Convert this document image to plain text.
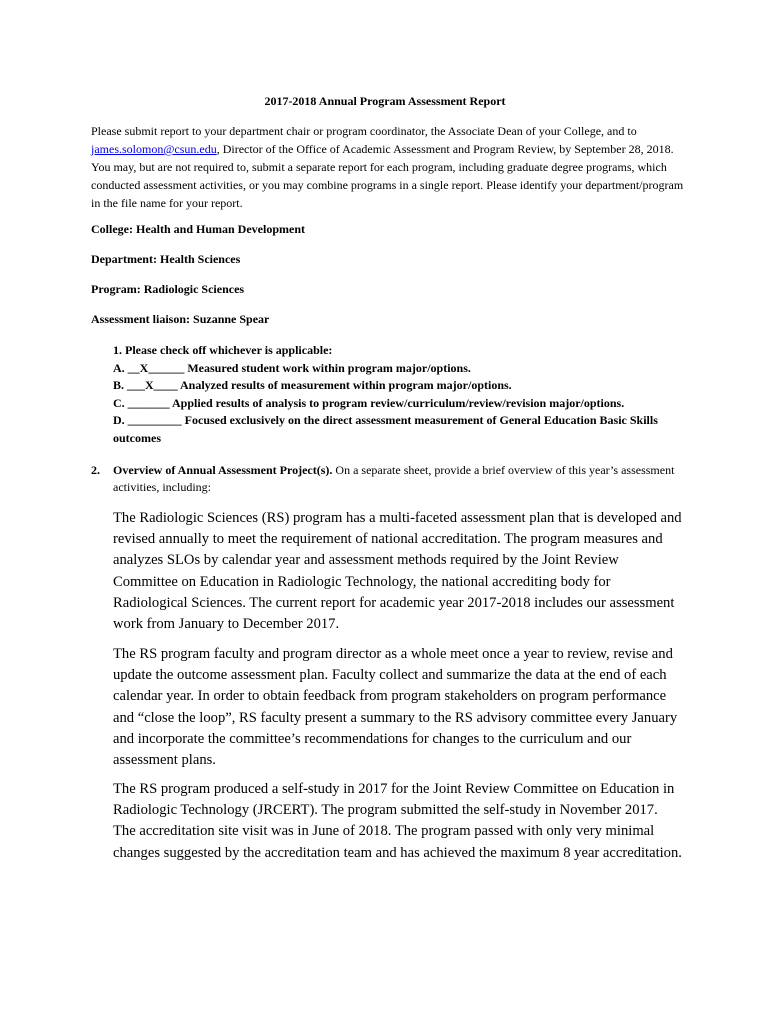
2017-2018 Annual Program Assessment Report
Please submit report to your department chair or program coordinator, the Associate Dean of your College, and to james.solomon@csun.edu, Director of the Office of Academic Assessment and Program Review, by September 28, 2018. You may, but are not required to, submit a separate report for each program, including graduate degree programs, which conducted assessment activities, or you may combine programs in a single report. Please identify your department/program in the file name for your report.
College: Health and Human Development
Department: Health Sciences
Program: Radiologic Sciences
Assessment liaison: Suzanne Spear
1. Please check off whichever is applicable:
A. __X______ Measured student work within program major/options.
B. ___X____ Analyzed results of measurement within program major/options.
C. _______ Applied results of analysis to program review/curriculum/review/revision major/options.
D. _________ Focused exclusively on the direct assessment measurement of General Education Basic Skills outcomes
2. Overview of Annual Assessment Project(s). On a separate sheet, provide a brief overview of this year’s assessment activities, including:

The Radiologic Sciences (RS) program has a multi-faceted assessment plan that is developed and revised annually to meet the requirement of national accreditation. The program measures and analyzes SLOs by calendar year and assessment methods required by the Joint Review Committee on Education in Radiologic Technology, the national accrediting body for Radiological Sciences. The current report for academic year 2017-2018 includes our assessment work from January to December 2017.

The RS program faculty and program director as a whole meet once a year to review, revise and update the outcome assessment plan. Faculty collect and summarize the data at the end of each calendar year. In order to obtain feedback from program stakeholders on program performance and “close the loop”, RS faculty present a summary to the RS advisory committee every January and incorporate the committee’s recommendations for changes to the curriculum and our assessment plans.

The RS program produced a self-study in 2017 for the Joint Review Committee on Education in Radiologic Technology (JRCERT). The program submitted the self-study in November 2017. The accreditation site visit was in June of 2018. The program passed with only very minimal changes suggested by the accreditation team and has achieved the maximum 8 year accreditation.
